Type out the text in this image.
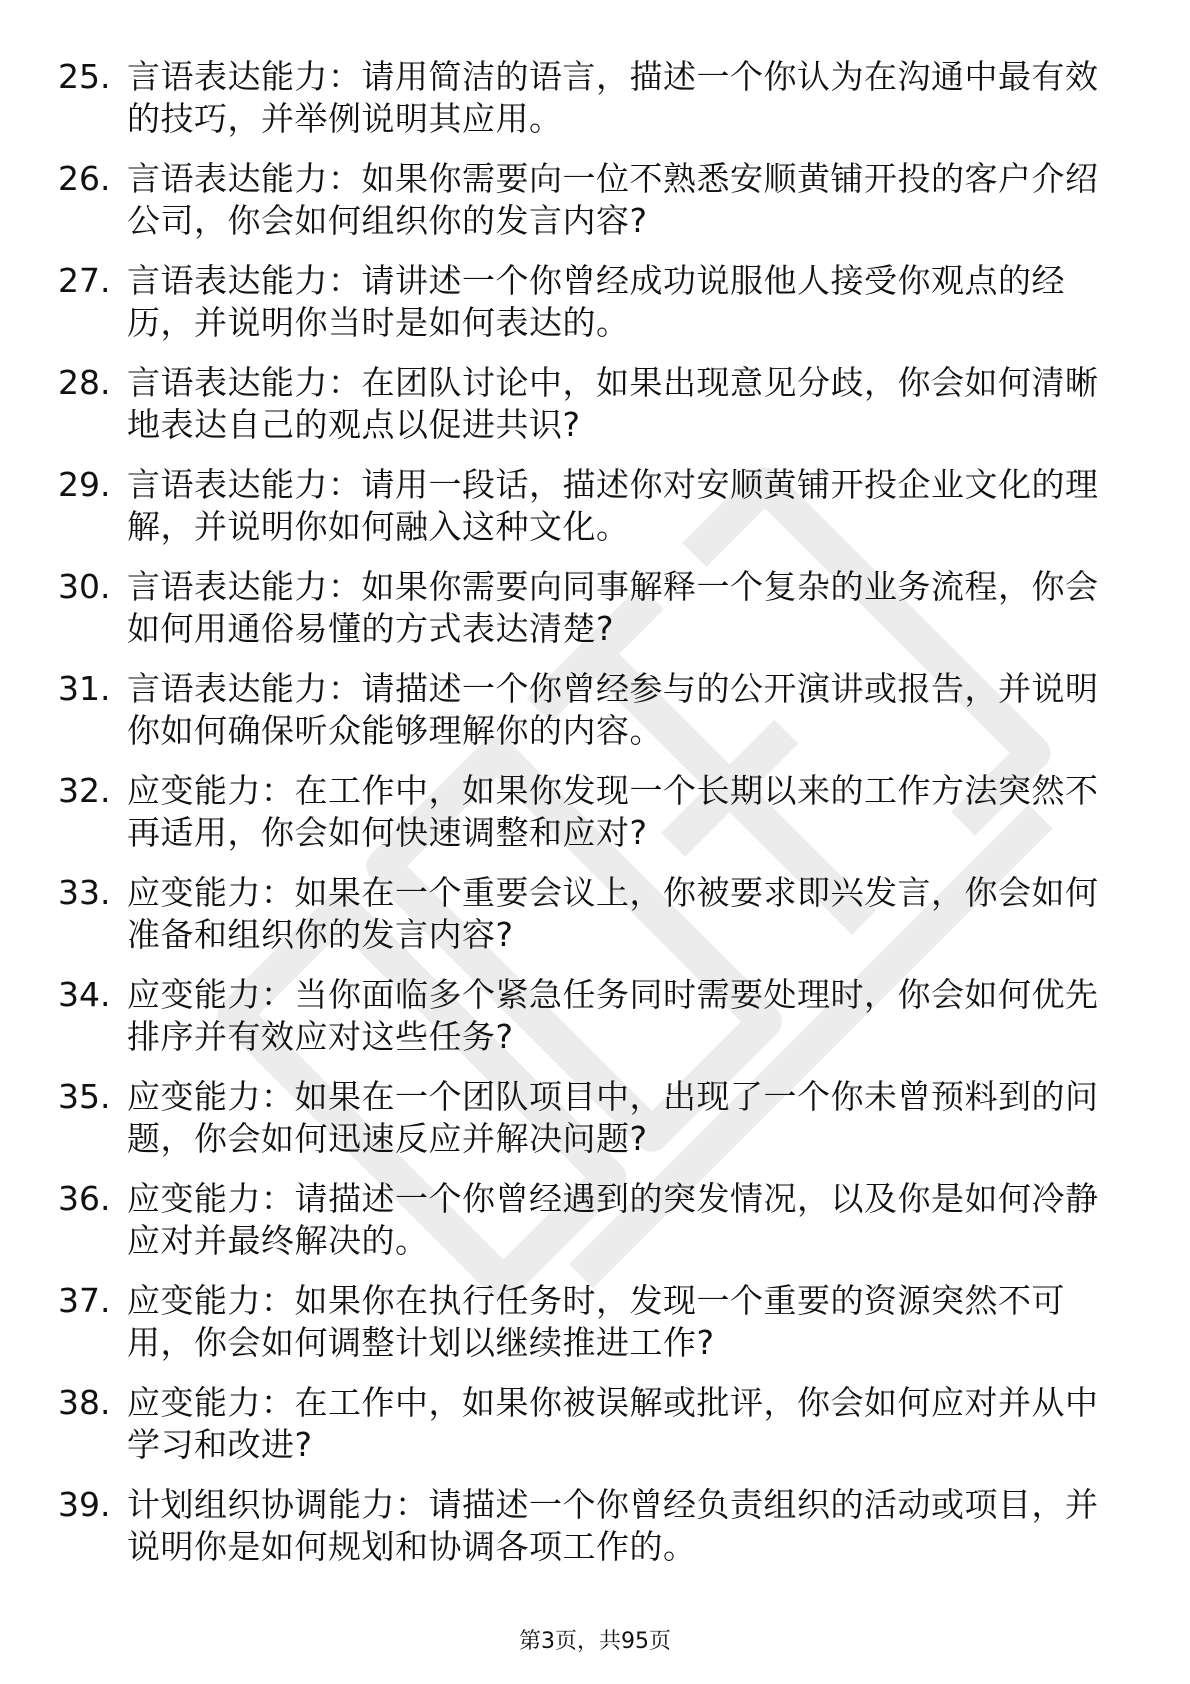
25. 言语表达能力：请用简洁的语言，描述一个你认为在沟通中最有效的技巧，并举例说明其应用。
26. 言语表达能力：如果你需要向一位不熟悉安顺黄铺开投的客户介绍公司，你会如何组织你的发言内容?
27. 言语表达能力：请讲述一个你曾经成功说服他人接受你观点的经历，并说明你当时是如何表达的。
28. 言语表达能力：在团队讨论中，如果出现意见分歧，你会如何清晰地表达自己的观点以促进共识?
29. 言语表达能力：请用一段话，描述你对安顺黄铺开投企业文化的理解，并说明你如何融入这种文化。
30. 言语表达能力：如果你需要向同事解释一个复杂的业务流程，你会如何用通俗易懂的方式表达清楚?
31. 言语表达能力：请描述一个你曾经参与的公开演讲或报告，并说明你如何确保听众能够理解你的内容。
32. 应变能力：在工作中，如果你发现一个长期以来的工作方法突然不再适用，你会如何快速调整和应对?
33. 应变能力：如果在一个重要会议上，你被要求即兴发言，你会如何准备和组织你的发言内容?
34. 应变能力：当你面临多个紧急任务同时需要处理时，你会如何优先排序并有效应对这些任务?
35. 应变能力：如果在一个团队项目中，出现了一个你未曾预料到的问题，你会如何迅速反应并解决问题?
36. 应变能力：请描述一个你曾经遇到的突发情况，以及你是如何冷静应对并最终解决的。
37. 应变能力：如果你在执行任务时，发现一个重要的资源突然不可用，你会如何调整计划以继续推进工作?
38. 应变能力：在工作中，如果你被误解或批评，你会如何应对并从中学习和改进?
39. 计划组织协调能力：请描述一个你曾经负责组织的活动或项目，并说明你是如何规划和协调各项工作的。
第3页，共95页
